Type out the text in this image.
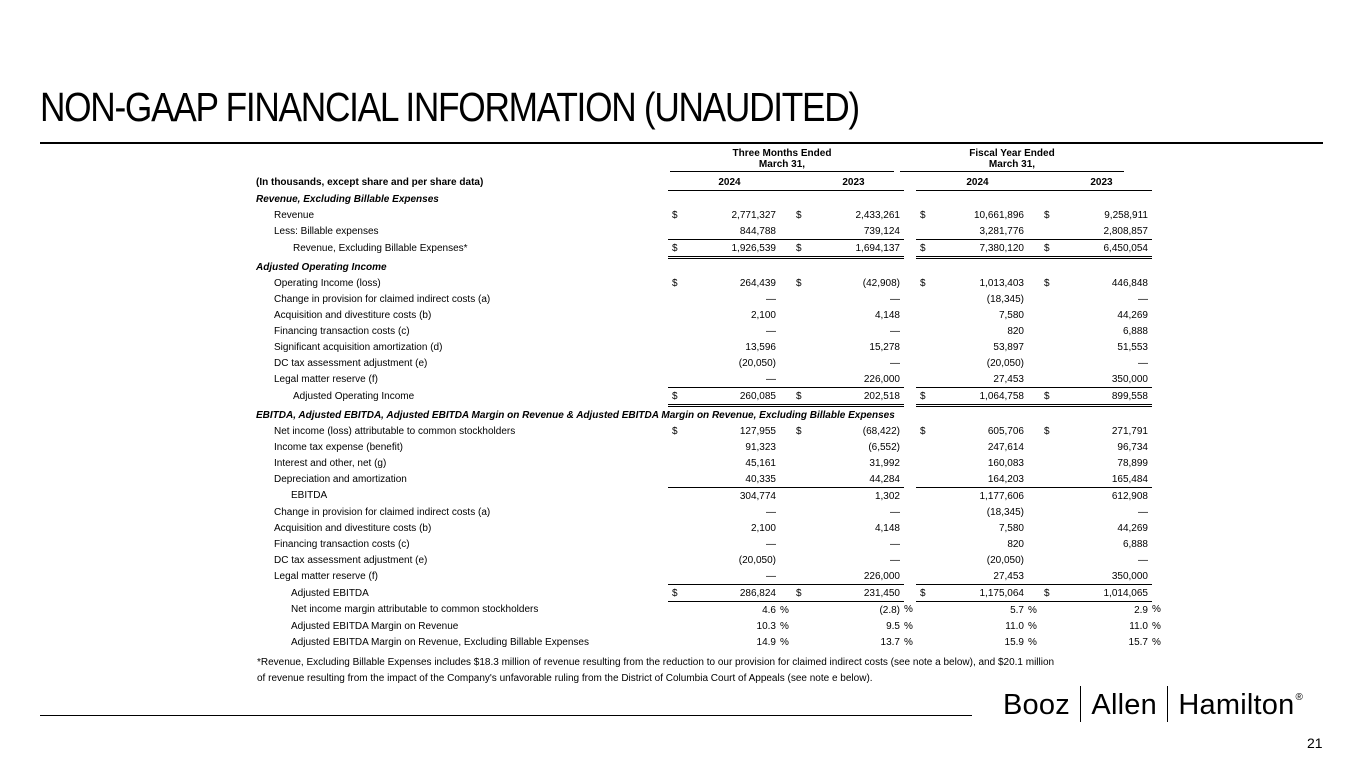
NON-GAAP FINANCIAL INFORMATION (UNAUDITED)
Three Months Ended
March 31,
Fiscal Year Ended
March 31,
(In thousands, except share and per share data)		2024			2023			2024			2023	
Revenue, Excluding Billable Expenses												
Revenue	$	2,771,327		$	2,433,261		$	10,661,896		$	9,258,911	
Less: Billable expenses		844,788			739,124			3,281,776			2,808,857	
Revenue, Excluding Billable Expenses*	$	1,926,539		$	1,694,137		$	7,380,120		$	6,450,054	
Adjusted Operating Income												
Operating Income (loss)	$	264,439		$	(42,908)		$	1,013,403		$	446,848	
Change in provision for claimed indirect costs (a)		—			—			(18,345)			—	
Acquisition and divestiture costs (b)		2,100			4,148			7,580			44,269	
Financing transaction costs (c)		—			—			820			6,888	
Significant acquisition amortization (d)		13,596			15,278			53,897			51,553	
DC tax assessment adjustment (e)		(20,050)			—			(20,050)			—	
Legal matter reserve (f)		—			226,000			27,453			350,000	
Adjusted Operating Income	$	260,085		$	202,518		$	1,064,758		$	899,558	
EBITDA, Adjusted EBITDA, Adjusted EBITDA Margin on Revenue & Adjusted EBITDA Margin on Revenue, Excluding Billable Expenses												
Net income (loss) attributable to common stockholders	$	127,955		$	(68,422)		$	605,706		$	271,791	
Income tax expense (benefit)		91,323			(6,552)			247,614			96,734	
Interest and other, net (g)		45,161			31,992			160,083			78,899	
Depreciation and amortization		40,335			44,284			164,203			165,484	
EBITDA		304,774			1,302			1,177,606			612,908	
Change in provision for claimed indirect costs (a)		—			—			(18,345)			—	
Acquisition and divestiture costs (b)		2,100			4,148			7,580			44,269	
Financing transaction costs (c)		—			—			820			6,888	
DC tax assessment adjustment (e)		(20,050)			—			(20,050)			—	
Legal matter reserve (f)		—			226,000			27,453			350,000	
Adjusted EBITDA	$	286,824		$	231,450		$	1,175,064		$	1,014,065	
Net income margin attributable to common stockholders		4.6	%		(2.8)	%		5.7	%		2.9	%
Adjusted EBITDA Margin on Revenue		10.3	%		9.5	%		11.0	%		11.0	%
Adjusted EBITDA Margin on Revenue, Excluding Billable Expenses		14.9	%		13.7	%		15.9	%		15.7	%
*Revenue, Excluding Billable Expenses includes $18.3 million of revenue resulting from the reduction to our provision for claimed indirect costs (see note a below), and $20.1 million
of revenue resulting from the impact of the Company's unfavorable ruling from the District of Columbia Court of Appeals (see note e below).
Booz Allen Hamilton®
21
